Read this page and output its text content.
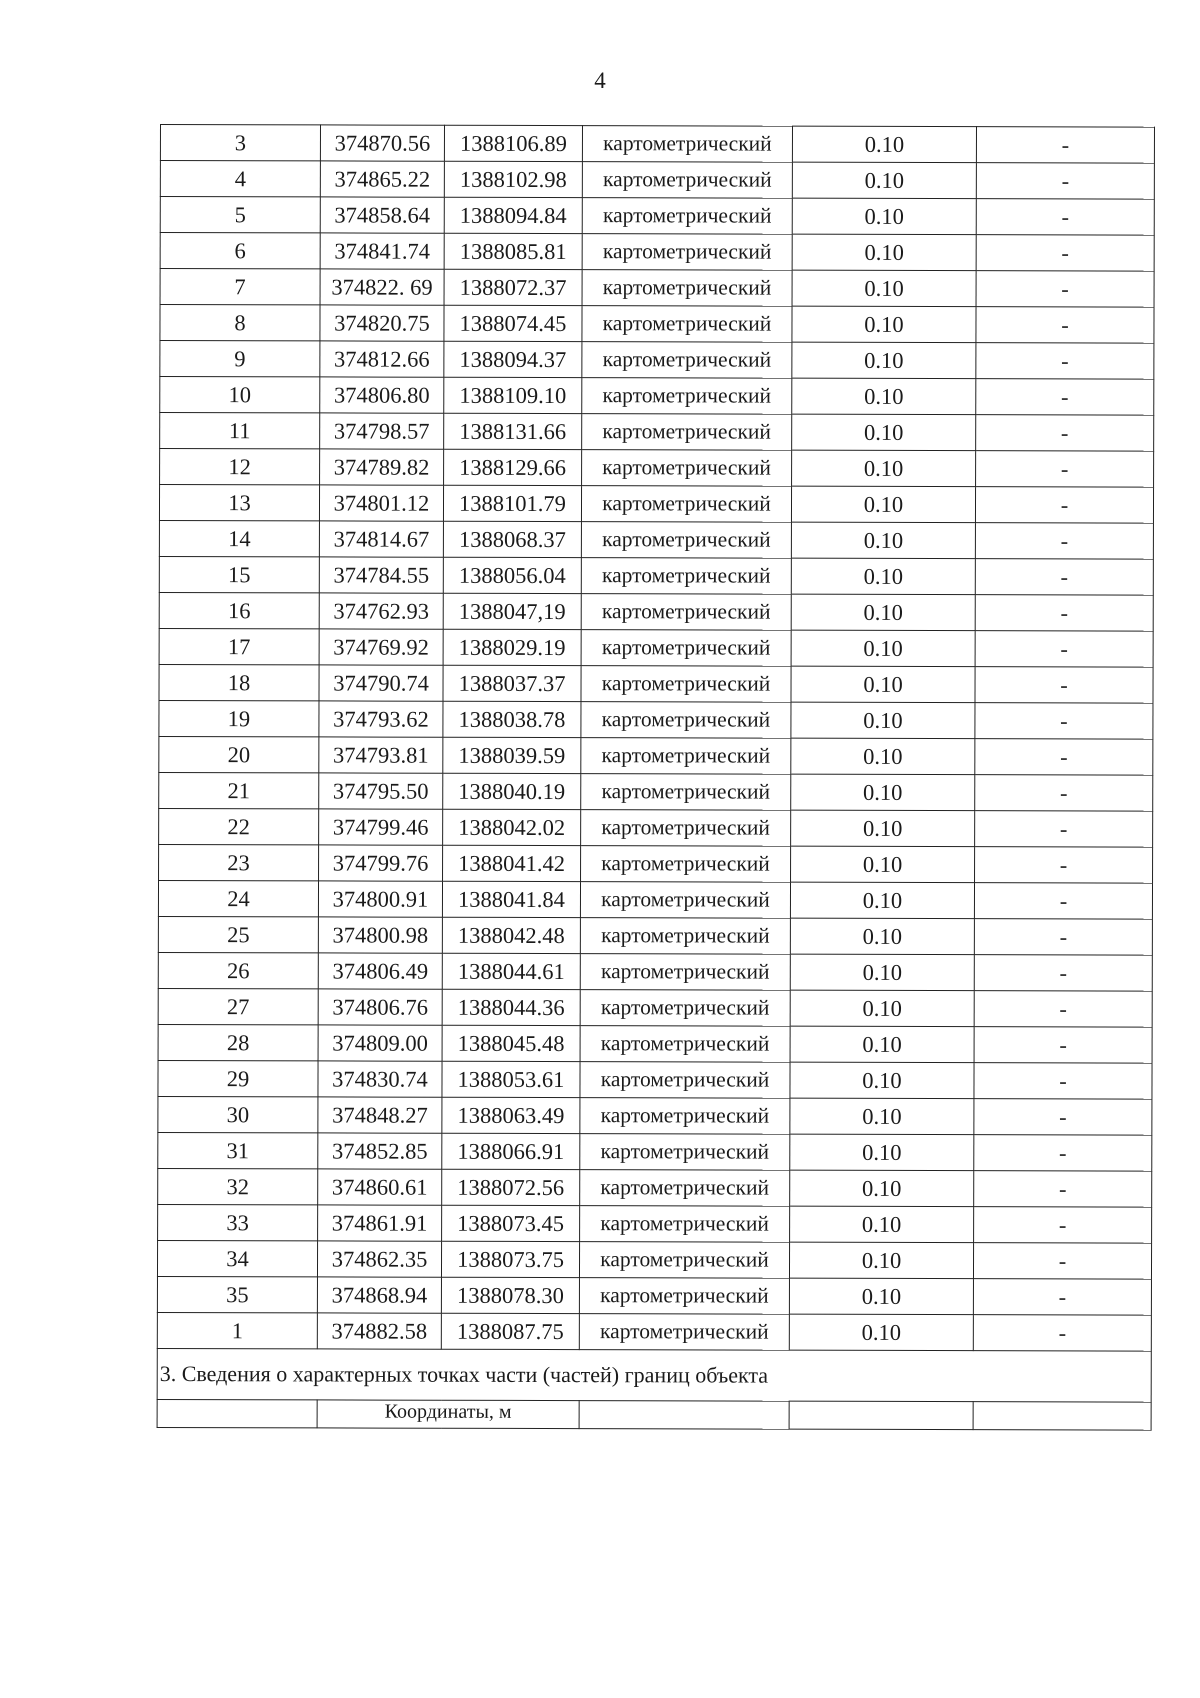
4
3	374870.56	1388106.89	картометрический	0.10	-
4	374865.22	1388102.98	картометрический	0.10	-
5	374858.64	1388094.84	картометрический	0.10	-
6	374841.74	1388085.81	картометрический	0.10	-
7	374822. 69	1388072.37	картометрический	0.10	-
8	374820.75	1388074.45	картометрический	0.10	-
9	374812.66	1388094.37	картометрический	0.10	-
10	374806.80	1388109.10	картометрический	0.10	-
11	374798.57	1388131.66	картометрический	0.10	-
12	374789.82	1388129.66	картометрический	0.10	-
13	374801.12	1388101.79	картометрический	0.10	-
14	374814.67	1388068.37	картометрический	0.10	-
15	374784.55	1388056.04	картометрический	0.10	-
16	374762.93	1388047,19	картометрический	0.10	-
17	374769.92	1388029.19	картометрический	0.10	-
18	374790.74	1388037.37	картометрический	0.10	-
19	374793.62	1388038.78	картометрический	0.10	-
20	374793.81	1388039.59	картометрический	0.10	-
21	374795.50	1388040.19	картометрический	0.10	-
22	374799.46	1388042.02	картометрический	0.10	-
23	374799.76	1388041.42	картометрический	0.10	-
24	374800.91	1388041.84	картометрический	0.10	-
25	374800.98	1388042.48	картометрический	0.10	-
26	374806.49	1388044.61	картометрический	0.10	-
27	374806.76	1388044.36	картометрический	0.10	-
28	374809.00	1388045.48	картометрический	0.10	-
29	374830.74	1388053.61	картометрический	0.10	-
30	374848.27	1388063.49	картометрический	0.10	-
31	374852.85	1388066.91	картометрический	0.10	-
32	374860.61	1388072.56	картометрический	0.10	-
33	374861.91	1388073.45	картометрический	0.10	-
34	374862.35	1388073.75	картометрический	0.10	-
35	374868.94	1388078.30	картометрический	0.10	-
1	374882.58	1388087.75	картометрический	0.10	-
3. Сведения о характерных точках части (частей) границ объекта					
	Координаты, м				
